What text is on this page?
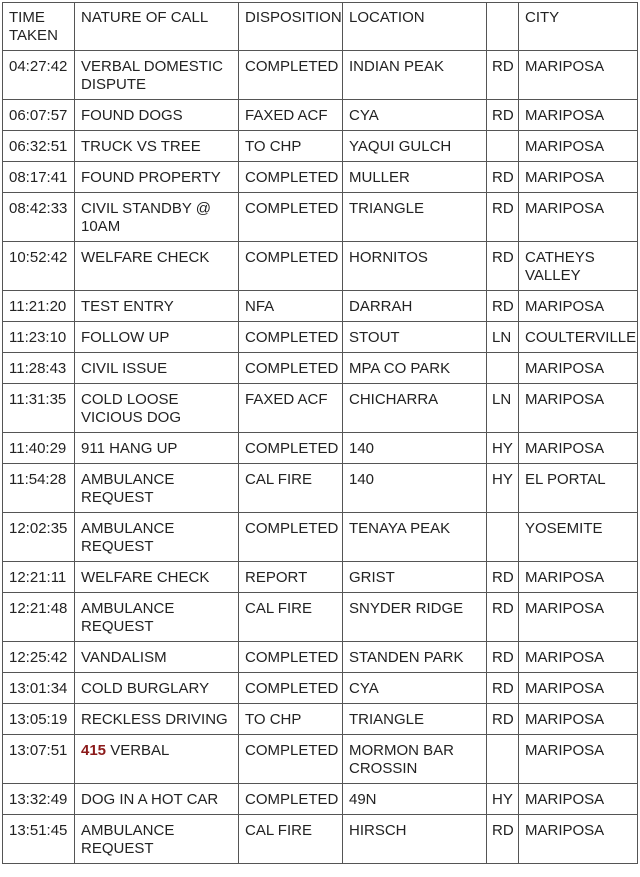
TIME TAKEN	NATURE OF CALL	DISPOSITION	LOCATION		CITY
04:27:42	VERBAL DOMESTIC DISPUTE	COMPLETED	INDIAN PEAK	RD	MARIPOSA
06:07:57	FOUND DOGS	FAXED ACF	CYA	RD	MARIPOSA
06:32:51	TRUCK VS TREE	TO CHP	YAQUI GULCH		MARIPOSA
08:17:41	FOUND PROPERTY	COMPLETED	MULLER	RD	MARIPOSA
08:42:33	CIVIL STANDBY @ 10AM	COMPLETED	TRIANGLE	RD	MARIPOSA
10:52:42	WELFARE CHECK	COMPLETED	HORNITOS	RD	CATHEYS VALLEY
11:21:20	TEST ENTRY	NFA	DARRAH	RD	MARIPOSA
11:23:10	FOLLOW UP	COMPLETED	STOUT	LN	COULTERVILLE
11:28:43	CIVIL ISSUE	COMPLETED	MPA CO PARK		MARIPOSA
11:31:35	COLD LOOSE VICIOUS DOG	FAXED ACF	CHICHARRA	LN	MARIPOSA
11:40:29	911 HANG UP	COMPLETED	140	HY	MARIPOSA
11:54:28	AMBULANCE REQUEST	CAL FIRE	140	HY	EL PORTAL
12:02:35	AMBULANCE REQUEST	COMPLETED	TENAYA PEAK		YOSEMITE
12:21:11	WELFARE CHECK	REPORT	GRIST	RD	MARIPOSA
12:21:48	AMBULANCE REQUEST	CAL FIRE	SNYDER RIDGE	RD	MARIPOSA
12:25:42	VANDALISM	COMPLETED	STANDEN PARK	RD	MARIPOSA
13:01:34	COLD BURGLARY	COMPLETED	CYA	RD	MARIPOSA
13:05:19	RECKLESS DRIVING	TO CHP	TRIANGLE	RD	MARIPOSA
13:07:51	415 VERBAL	COMPLETED	MORMON BAR CROSSIN		MARIPOSA
13:32:49	DOG IN A HOT CAR	COMPLETED	49N	HY	MARIPOSA
13:51:45	AMBULANCE REQUEST	CAL FIRE	HIRSCH	RD	MARIPOSA
